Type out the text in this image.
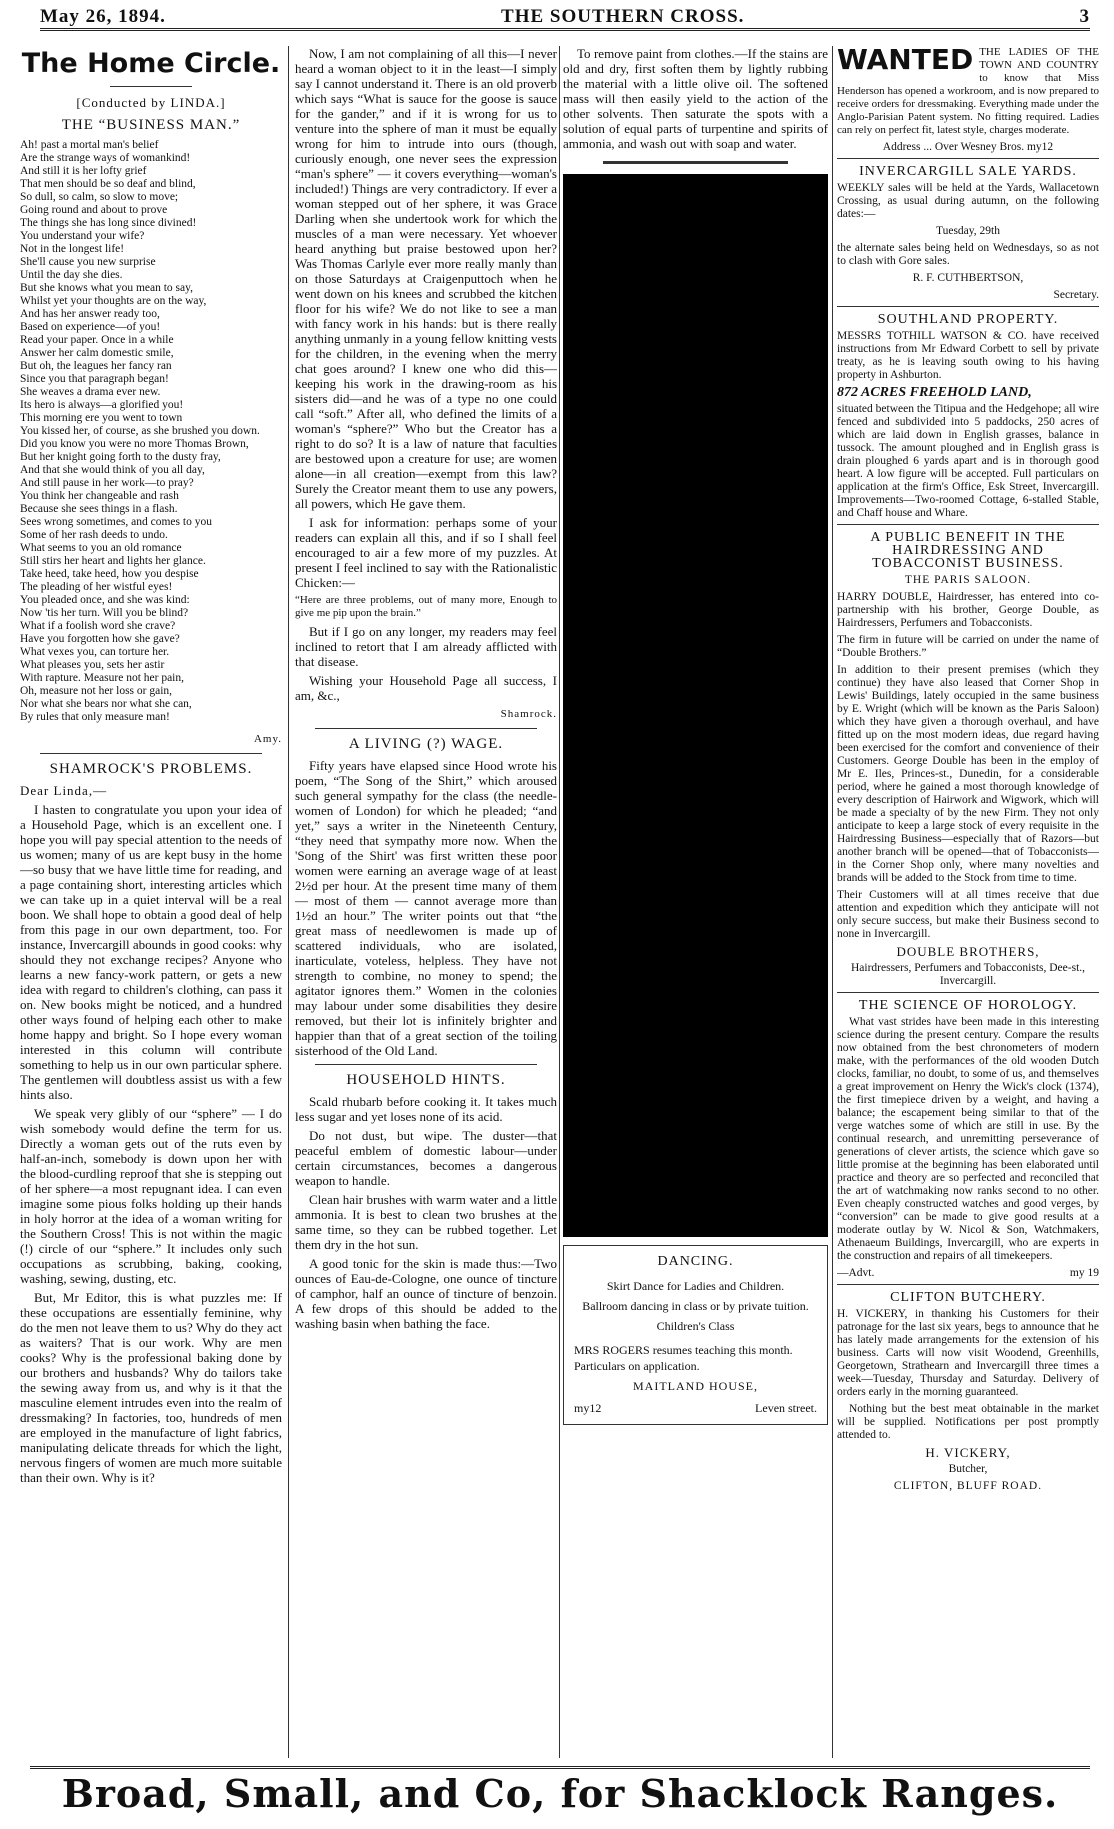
May 26, 1894.	THE SOUTHERN CROSS.	3
The Home Circle.

[Conducted by LINDA.]

THE “BUSINESS MAN.”

Ah! past a mortal man's belief
Are the strange ways of womankind!
And still it is her lofty grief
That men should be so deaf and blind,
So dull, so calm, so slow to move;
Going round and about to prove
The things she has long since divined!
You understand your wife?
Not in the longest life!
She'll cause you new surprise
Until the day she dies.
But she knows what you mean to say,
Whilst yet your thoughts are on the way,
And has her answer ready too,
Based on experience—of you!
Read your paper. Once in a while
Answer her calm domestic smile,
But oh, the leagues her fancy ran
Since you that paragraph began!
She weaves a drama ever new.
Its hero is always—a glorified you!
This morning ere you went to town
You kissed her, of course, as she brushed you down.
Did you know you were no more Thomas Brown,
But her knight going forth to the dusty fray,
And that she would think of you all day,
And still pause in her work—to pray?
You think her changeable and rash
Because she sees things in a flash.
Sees wrong sometimes, and comes to you
Some of her rash deeds to undo.
What seems to you an old romance
Still stirs her heart and lights her glance.
Take heed, take heed, how you despise
The pleading of her wistful eyes!
You pleaded once, and she was kind:
Now 'tis her turn. Will you be blind?
What if a foolish word she crave?
Have you forgotten how she gave?
What vexes you, can torture her.
What pleases you, sets her astir
With rapture. Measure not her pain,
Oh, measure not her loss or gain,
Nor what she bears nor what she can,
By rules that only measure man!

Amy.

SHAMROCK'S PROBLEMS.

Dear Linda,—

I hasten to congratulate you upon your idea of a Household Page, which is an excellent one. I hope you will pay special attention to the needs of us women; many of us are kept busy in the home—so busy that we have little time for reading, and a page containing short, interesting articles which we can take up in a quiet interval will be a real boon. We shall hope to obtain a good deal of help from this page in our own department, too. For instance, Invercargill abounds in good cooks: why should they not exchange recipes? Anyone who learns a new fancy-work pattern, or gets a new idea with regard to children's clothing, can pass it on. New books might be noticed, and a hundred other ways found of helping each other to make home happy and bright. So I hope every woman interested in this column will contribute something to help us in our own particular sphere. The gentlemen will doubtless assist us with a few hints also.

We speak very glibly of our “sphere” — I do wish somebody would define the term for us. Directly a woman gets out of the ruts even by half-an-inch, somebody is down upon her with the blood-curdling reproof that she is stepping out of her sphere—a most repugnant idea. I can even imagine some pious folks holding up their hands in holy horror at the idea of a woman writing for the Southern Cross! This is not within the magic (!) circle of our “sphere.” It includes only such occupations as scrubbing, baking, cooking, washing, sewing, dusting, etc.

But, Mr Editor, this is what puzzles me: If these occupations are essentially feminine, why do the men not leave them to us? Why do they act as waiters? That is our work. Why are men cooks? Why is the professional baking done by our brothers and husbands? Why do tailors take the sewing away from us, and why is it that the masculine element intrudes even into the realm of dressmaking? In factories, too, hundreds of men are employed in the manufacture of light fabrics, manipulating delicate threads for which the light, nervous fingers of women are much more suitable than their own. Why is it?

Now, I am not complaining of all this—I never heard a woman object to it in the least—I simply say I cannot understand it. There is an old proverb which says “What is sauce for the goose is sauce for the gander,” and if it is wrong for us to venture into the sphere of man it must be equally wrong for him to intrude into ours (though, curiously enough, one never sees the expression “man's sphere” — it covers everything—woman's included!) Things are very contradictory. If ever a woman stepped out of her sphere, it was Grace Darling when she undertook work for which the muscles of a man were necessary. Yet whoever heard anything but praise bestowed upon her? Was Thomas Carlyle ever more really manly than on those Saturdays at Craigenputtoch when he went down on his knees and scrubbed the kitchen floor for his wife? We do not like to see a man with fancy work in his hands: but is there really anything unmanly in a young fellow knitting vests for the children, in the evening when the merry chat goes around? I knew one who did this—keeping his work in the drawing-room as his sisters did—and he was of a type no one could call “soft.” After all, who defined the limits of a woman's “sphere?” Who but the Creator has a right to do so? It is a law of nature that faculties are bestowed upon a creature for use; are women alone—in all creation—exempt from this law? Surely the Creator meant them to use any powers, all powers, which He gave them.

I ask for information: perhaps some of your readers can explain all this, and if so I shall feel encouraged to air a few more of my puzzles. At present I feel inclined to say with the Rationalistic Chicken:—

“Here are three problems, out of many more, Enough to give me pip upon the brain.”

But if I go on any longer, my readers may feel inclined to retort that I am already afflicted with that disease.

Wishing your Household Page all success, I am, &c.,

Shamrock.

A LIVING (?) WAGE.

Fifty years have elapsed since Hood wrote his poem, “The Song of the Shirt,” which aroused such general sympathy for the class (the needle-women of London) for which he pleaded; “and yet,” says a writer in the Nineteenth Century, “they need that sympathy more now. When the 'Song of the Shirt' was first written these poor women were earning an average wage of at least 2½d per hour. At the present time many of them — most of them — cannot average more than 1½d an hour.” The writer points out that “the great mass of needlewomen is made up of scattered individuals, who are isolated, inarticulate, voteless, helpless. They have not strength to combine, no money to spend; the agitator ignores them.” Women in the colonies may labour under some disabilities they desire removed, but their lot is infinitely brighter and happier than that of a great section of the toiling sisterhood of the Old Land.

HOUSEHOLD HINTS.

Scald rhubarb before cooking it. It takes much less sugar and yet loses none of its acid.

Do not dust, but wipe. The duster—that peaceful emblem of domestic labour—under certain circumstances, becomes a dangerous weapon to handle.

Clean hair brushes with warm water and a little ammonia. It is best to clean two brushes at the same time, so they can be rubbed together. Let them dry in the hot sun.

A good tonic for the skin is made thus:—Two ounces of Eau-de-Cologne, one ounce of tincture of camphor, half an ounce of tincture of benzoin. A few drops of this should be added to the washing basin when bathing the face.

To remove paint from clothes.—If the stains are old and dry, first soften them by lightly rubbing the material with a little olive oil. The softened mass will then easily yield to the action of the other solvents. Then saturate the spots with a solution of equal parts of turpentine and spirits of ammonia, and wash out with soap and water.

DANCING.

Skirt Dance for Ladies and Children.

Ballroom dancing in class or by private tuition.

Children's Class

MRS ROGERS resumes teaching this month. Particulars on application.

MAITLAND HOUSE,

my12	Leven street.
WANTED THE LADIES OF THE TOWN AND COUNTRY to know that Miss Henderson has opened a workroom, and is now prepared to receive orders for dressmaking. Everything made under the Anglo-Parisian Patent system. No fitting required. Ladies can rely on perfect fit, latest style, charges moderate.

Address ... Over Wesney Bros. my12

INVERCARGILL SALE YARDS.

WEEKLY sales will be held at the Yards, Wallacetown Crossing, as usual during autumn, on the following dates:—

Tuesday, 29th

the alternate sales being held on Wednesdays, so as not to clash with Gore sales.

R. F. CUTHBERTSON,

Secretary.

SOUTHLAND PROPERTY.

MESSRS TOTHILL WATSON & CO. have received instructions from Mr Edward Corbett to sell by private treaty, as he is leaving south owing to his having property in Ashburton.

872 ACRES FREEHOLD LAND,

situated between the Titipua and the Hedgehope; all wire fenced and subdivided into 5 paddocks, 250 acres of which are laid down in English grasses, balance in tussock. The amount ploughed and in English grass is drain ploughed 6 yards apart and is in thorough good heart. A low figure will be accepted. Full particulars on application at the firm's Office, Esk Street, Invercargill. Improvements—Two-roomed Cottage, 6-stalled Stable, and Chaff house and Whare.

A PUBLIC BENEFIT IN THE HAIRDRESSING AND TOBACCONIST BUSINESS.

THE PARIS SALOON.

HARRY DOUBLE, Hairdresser, has entered into co-partnership with his brother, George Double, as Hairdressers, Perfumers and Tobacconists.

The firm in future will be carried on under the name of “Double Brothers.”

In addition to their present premises (which they continue) they have also leased that Corner Shop in Lewis' Buildings, lately occupied in the same business by E. Wright (which will be known as the Paris Saloon) which they have given a thorough overhaul, and have fitted up on the most modern ideas, due regard having been exercised for the comfort and convenience of their Customers. George Double has been in the employ of Mr E. Iles, Princes-st., Dunedin, for a considerable period, where he gained a most thorough knowledge of every description of Hairwork and Wigwork, which will be made a specialty of by the new Firm. They not only anticipate to keep a large stock of every requisite in the Hairdressing Business—especially that of Razors—but another branch will be opened—that of Tobacconists—in the Corner Shop only, where many novelties and brands will be added to the Stock from time to time.

Their Customers will at all times receive that due attention and expedition which they anticipate will not only secure success, but make their Business second to none in Invercargill.

DOUBLE BROTHERS,

Hairdressers, Perfumers and Tobacconists, Dee-st., Invercargill.

THE SCIENCE OF HOROLOGY.

What vast strides have been made in this interesting science during the present century. Compare the results now obtained from the best chronometers of modern make, with the performances of the old wooden Dutch clocks, familiar, no doubt, to some of us, and themselves a great improvement on Henry the Wick's clock (1374), the first timepiece driven by a weight, and having a balance; the escapement being similar to that of the verge watches some of which are still in use. By the continual research, and unremitting perseverance of generations of clever artists, the science which gave so little promise at the beginning has been elaborated until practice and theory are so perfected and reconciled that the art of watchmaking now ranks second to no other. Even cheaply constructed watches and good verges, by “conversion” can be made to give good results at a moderate outlay by W. Nicol & Son, Watchmakers, Athenaeum Buildings, Invercargill, who are experts in the construction and repairs of all timekeepers.

—Advt.	my 19

CLIFTON BUTCHERY.

H. VICKERY, in thanking his Customers for their patronage for the last six years, begs to announce that he has lately made arrangements for the extension of his business. Carts will now visit Woodend, Greenhills, Georgetown, Strathearn and Invercargill three times a week—Tuesday, Thursday and Saturday. Delivery of orders early in the morning guaranteed.

Nothing but the best meat obtainable in the market will be supplied. Notifications per post promptly attended to.

H. VICKERY,

Butcher,

CLIFTON, BLUFF ROAD.

Broad, Small, and Co, for Shacklock Ranges.
